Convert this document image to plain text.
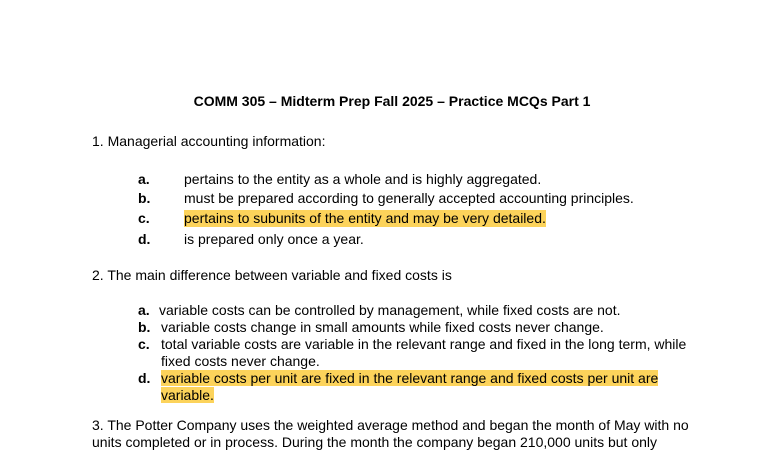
COMM 305 – Midterm Prep Fall 2025 – Practice MCQs Part 1
1. Managerial accounting information:
a. pertains to the entity as a whole and is highly aggregated.
b. must be prepared according to generally accepted accounting principles.
c. pertains to subunits of the entity and may be very detailed.
d. is prepared only once a year.
2. The main difference between variable and fixed costs is
a. variable costs can be controlled by management, while fixed costs are not.
b. variable costs change in small amounts while fixed costs never change.
c. total variable costs are variable in the relevant range and fixed in the long term, while fixed costs never change.
d. variable costs per unit are fixed in the relevant range and fixed costs per unit are variable.
3. The Potter Company uses the weighted average method and began the month of May with no units completed or in process. During the month the company began 210,000 units but only
